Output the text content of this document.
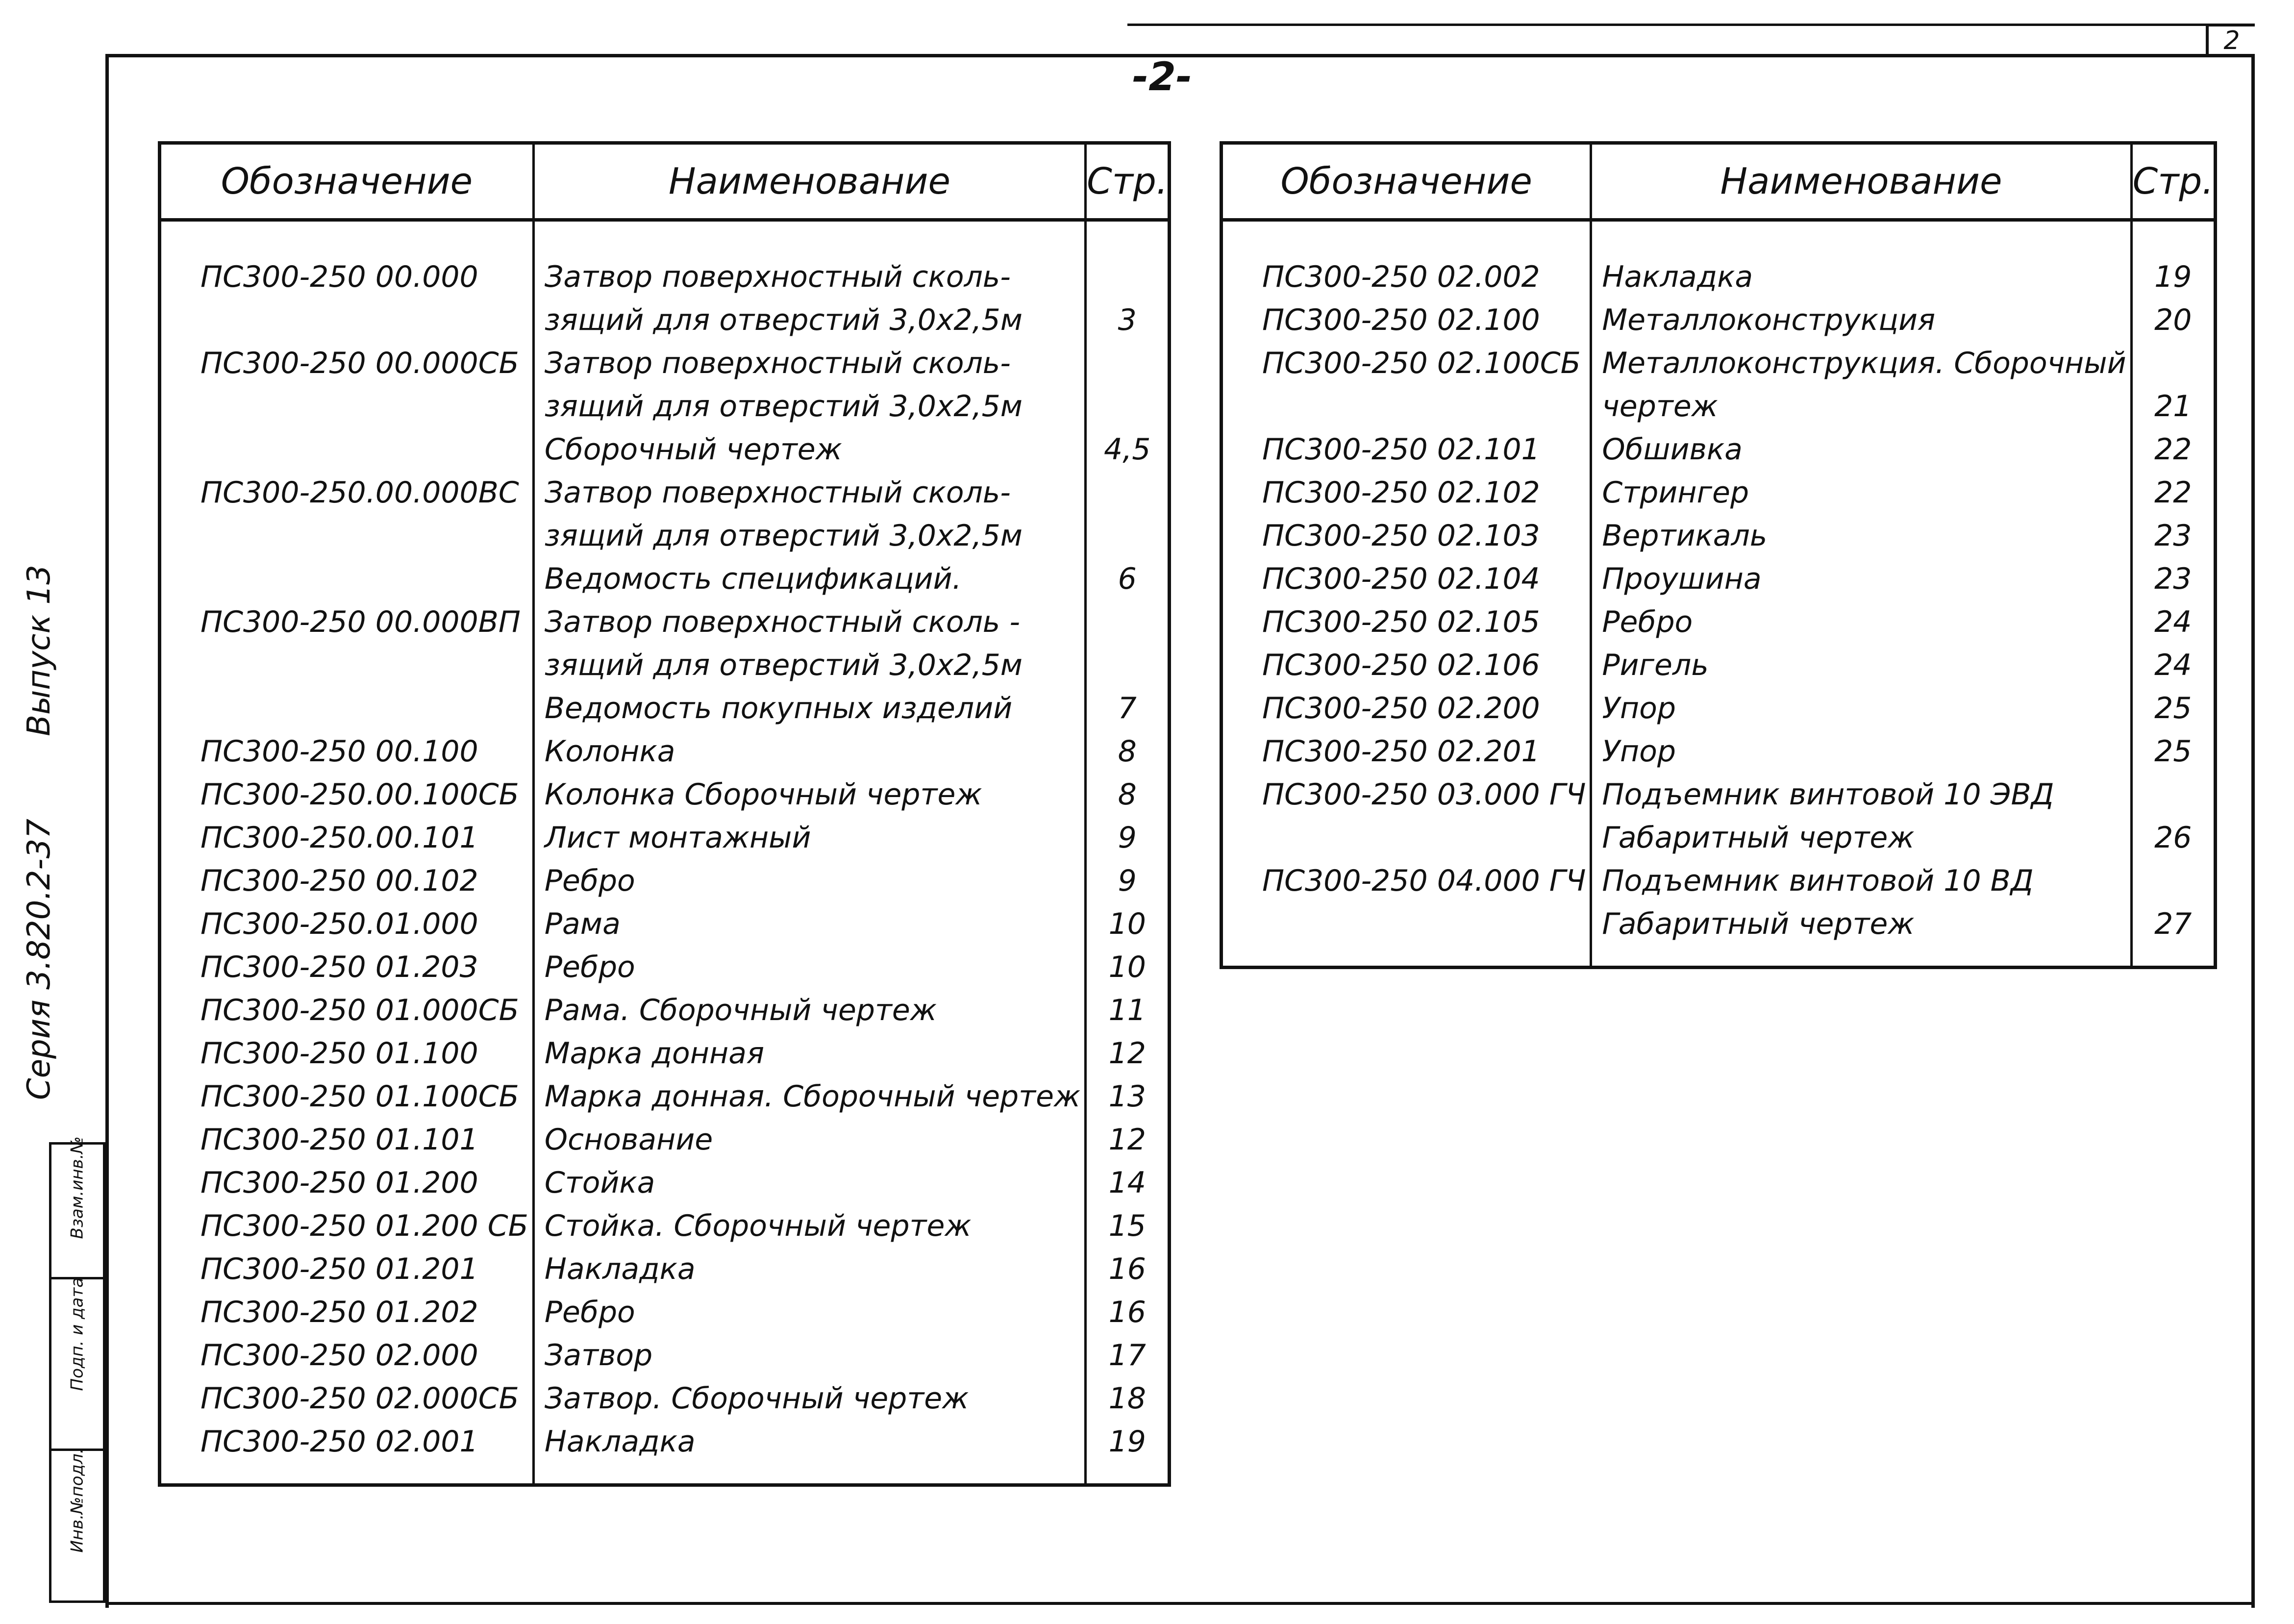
2
-2-
Выпуск 13
Серия 3.820.2-37
Взам.инв.№
Подп. и дата
Инв.№подл.
Обозначение	Наименование	Стр.

ПС300-250 00.000	Затвор поверхностный сколь-	
	зящий для отверстий 3,0x2,5м	3
ПС300-250 00.000СБ	Затвор поверхностный сколь-	
	зящий для отверстий 3,0x2,5м	
	Сборочный чертеж	4,5
ПС300-250.00.000ВС	Затвор поверхностный сколь-	
	зящий для отверстий 3,0x2,5м	
	Ведомость спецификаций.	6
ПС300-250 00.000ВП	Затвор поверхностный сколь -	
	зящий для отверстий 3,0x2,5м	
	Ведомость покупных изделий	7
ПС300-250 00.100	Колонка	8
ПС300-250.00.100СБ	Колонка Сборочный чертеж	8
ПС300-250.00.101	Лист монтажный	9
ПС300-250 00.102	Ребро	9
ПС300-250.01.000	Рама	10
ПС300-250 01.203	Ребро	10
ПС300-250 01.000СБ	Рама. Сборочный чертеж	11
ПС300-250 01.100	Марка донная	12
ПС300-250 01.100СБ	Марка донная. Сборочный чертеж	13
ПС300-250 01.101	Основание	12
ПС300-250 01.200	Стойка	14
ПС300-250 01.200 СБ	Стойка. Сборочный чертеж	15
ПС300-250 01.201	Накладка	16
ПС300-250 01.202	Ребро	16
ПС300-250 02.000	Затвор	17
ПС300-250 02.000СБ	Затвор. Сборочный чертеж	18
ПС300-250 02.001	Накладка	19

Обозначение	Наименование	Стр.

ПС300-250 02.002	Накладка	19
ПС300-250 02.100	Металлоконструкция	20
ПС300-250 02.100СБ	Металлоконструкция. Сборочный	
	чертеж	21
ПС300-250 02.101	Обшивка	22
ПС300-250 02.102	Стрингер	22
ПС300-250 02.103	Вертикаль	23
ПС300-250 02.104	Проушина	23
ПС300-250 02.105	Ребро	24
ПС300-250 02.106	Ригель	24
ПС300-250 02.200	Упор	25
ПС300-250 02.201	Упор	25
ПС300-250 03.000 ГЧ	Подъемник винтовой 10 ЭВД	
	Габаритный чертеж	26
ПС300-250 04.000 ГЧ	Подъемник винтовой 10 ВД	
	Габаритный чертеж	27
